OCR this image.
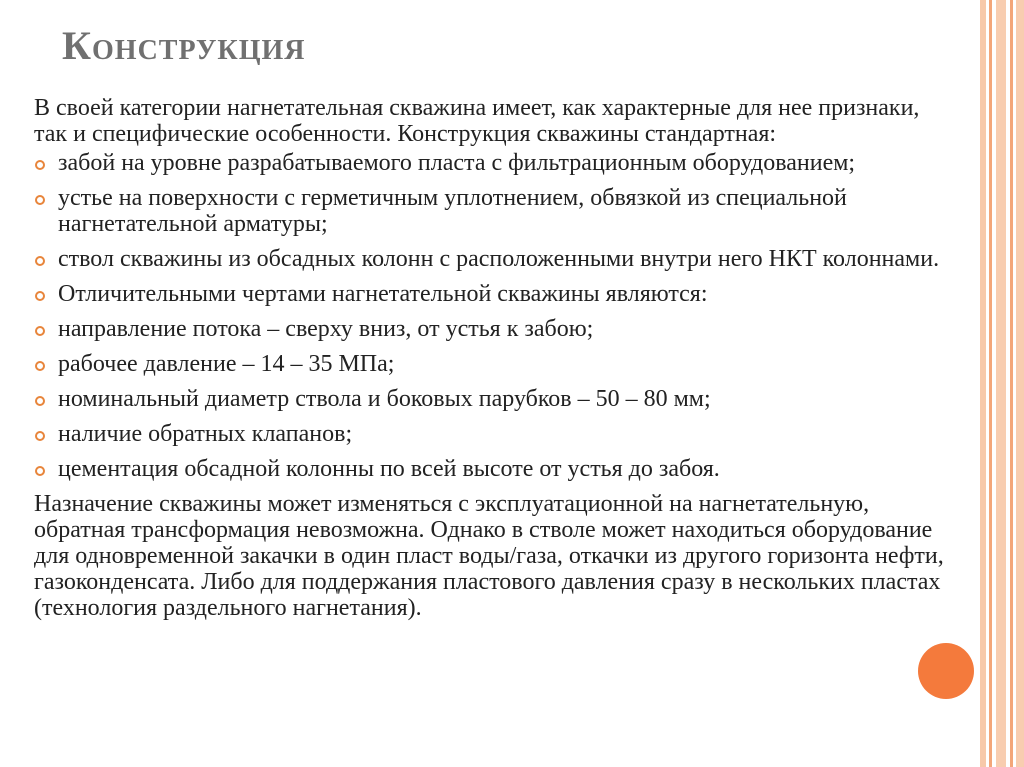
Конструкция

В своей категории нагнетательная скважина имеет, как характерные для нее признаки, так и специфические особенности. Конструкция скважины стандартная:

забой на уровне разрабатываемого пласта с фильтрационным оборудованием;
устье на поверхности с герметичным уплотнением, обвязкой из специальной нагнетательной арматуры;
ствол скважины из обсадных колонн с расположенными внутри него НКТ колоннами.
Отличительными чертами нагнетательной скважины являются:
направление потока – сверху вниз, от устья к забою;
рабочее давление – 14 – 35 МПа;
номинальный диаметр ствола и боковых парубков – 50 – 80 мм;
наличие обратных клапанов;
цементация обсадной колонны по всей высоте от устья до забоя.

Назначение скважины может изменяться с эксплуатационной на нагнетательную, обратная трансформация невозможна. Однако в стволе может находиться оборудование для одновременной закачки в один пласт воды/газа, откачки из другого горизонта нефти, газоконденсата. Либо для поддержания пластового давления сразу в нескольких пластах (технология раздельного нагнетания).
